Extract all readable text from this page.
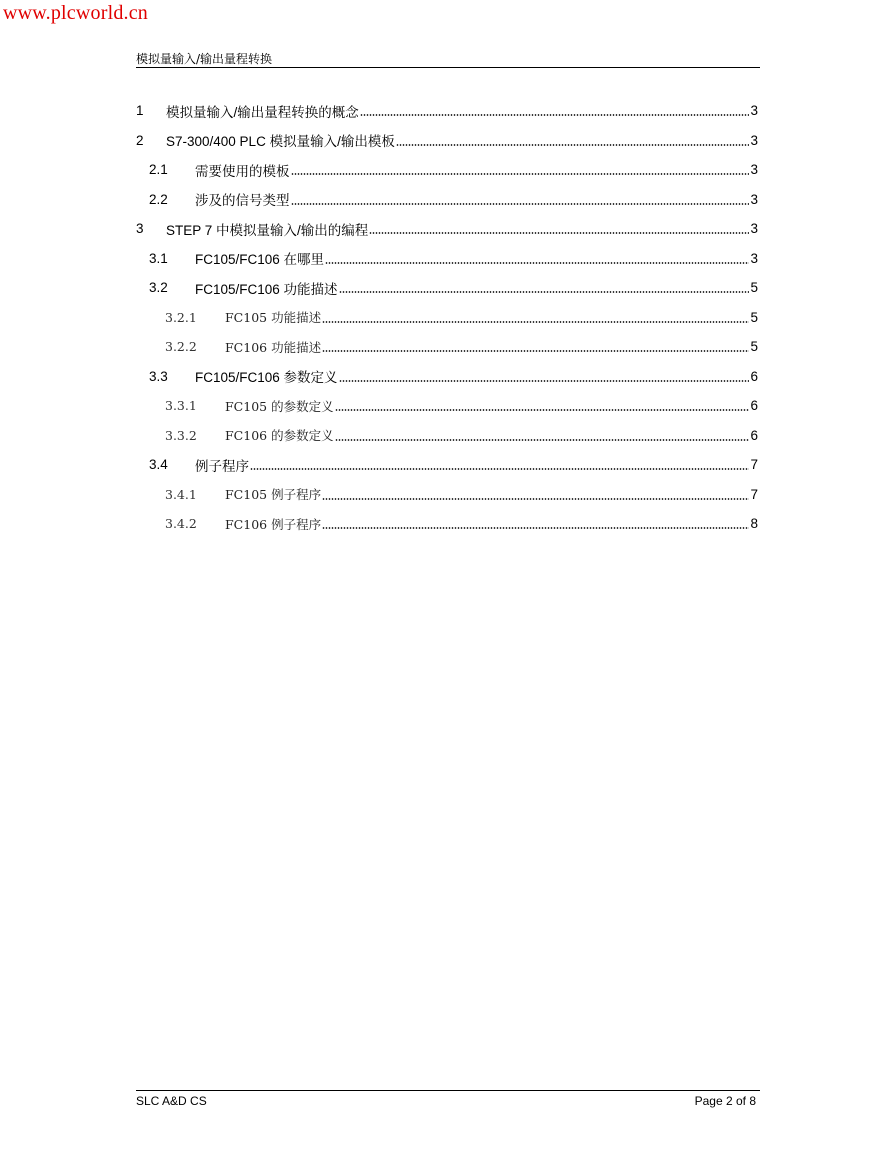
www.plcworld.cn
模拟量输入/输出量程转换
1	模拟量输入/输出量程转换的概念	3
2	S7-300/400 PLC 模拟量输入/输出模板	3
2.1	需要使用的模板	3
2.2	涉及的信号类型	3
3	STEP 7 中模拟量输入/输出的编程	3
3.1	FC105/FC106 在哪里	3
3.2	FC105/FC106 功能描述	5
3.2.1	FC105 功能描述	5
3.2.2	FC106 功能描述	5
3.3	FC105/FC106 参数定义	6
3.3.1	FC105 的参数定义	6
3.3.2	FC106 的参数定义	6
3.4	例子程序	7
3.4.1	FC105 例子程序	7
3.4.2	FC106 例子程序	8
SLC A&D CS	Page 2 of 8
